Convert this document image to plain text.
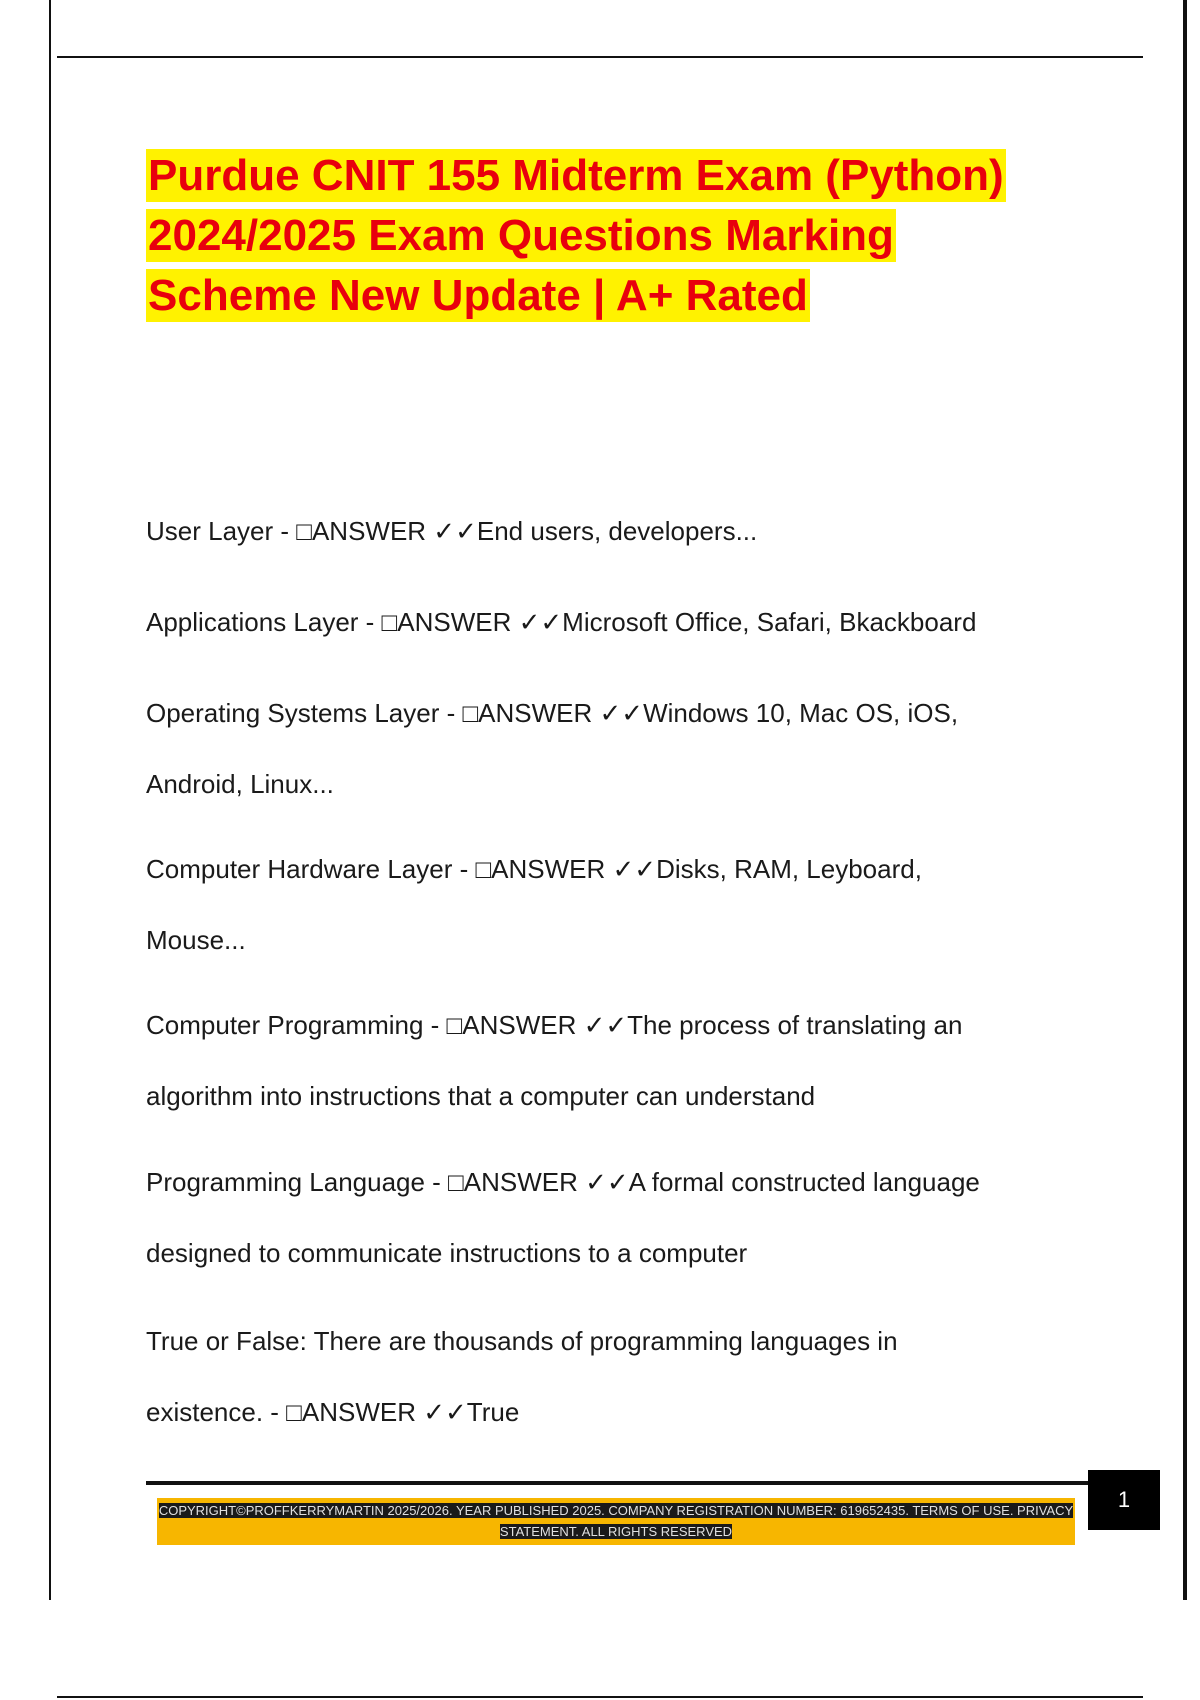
Purdue CNIT 155 Midterm Exam (Python)
2024/2025 Exam Questions Marking
Scheme New Update | A+ Rated
User Layer - □ANSWER ✓✓End users, developers...
Applications Layer - □ANSWER ✓✓Microsoft Office, Safari, Bkackboard
Operating Systems Layer - □ANSWER ✓✓Windows 10, Mac OS, iOS,
Android, Linux...
Computer Hardware Layer - □ANSWER ✓✓Disks, RAM, Leyboard,
Mouse...
Computer Programming - □ANSWER ✓✓The process of translating an
algorithm into instructions that a computer can understand
Programming Language - □ANSWER ✓✓A formal constructed language
designed to communicate instructions to a computer
True or False: There are thousands of programming languages in
existence. - □ANSWER ✓✓True
1
COPYRIGHT©PROFFKERRYMARTIN 2025/2026. YEAR PUBLISHED 2025. COMPANY REGISTRATION NUMBER: 619652435. TERMS OF USE. PRIVACY STATEMENT. ALL RIGHTS RESERVED
